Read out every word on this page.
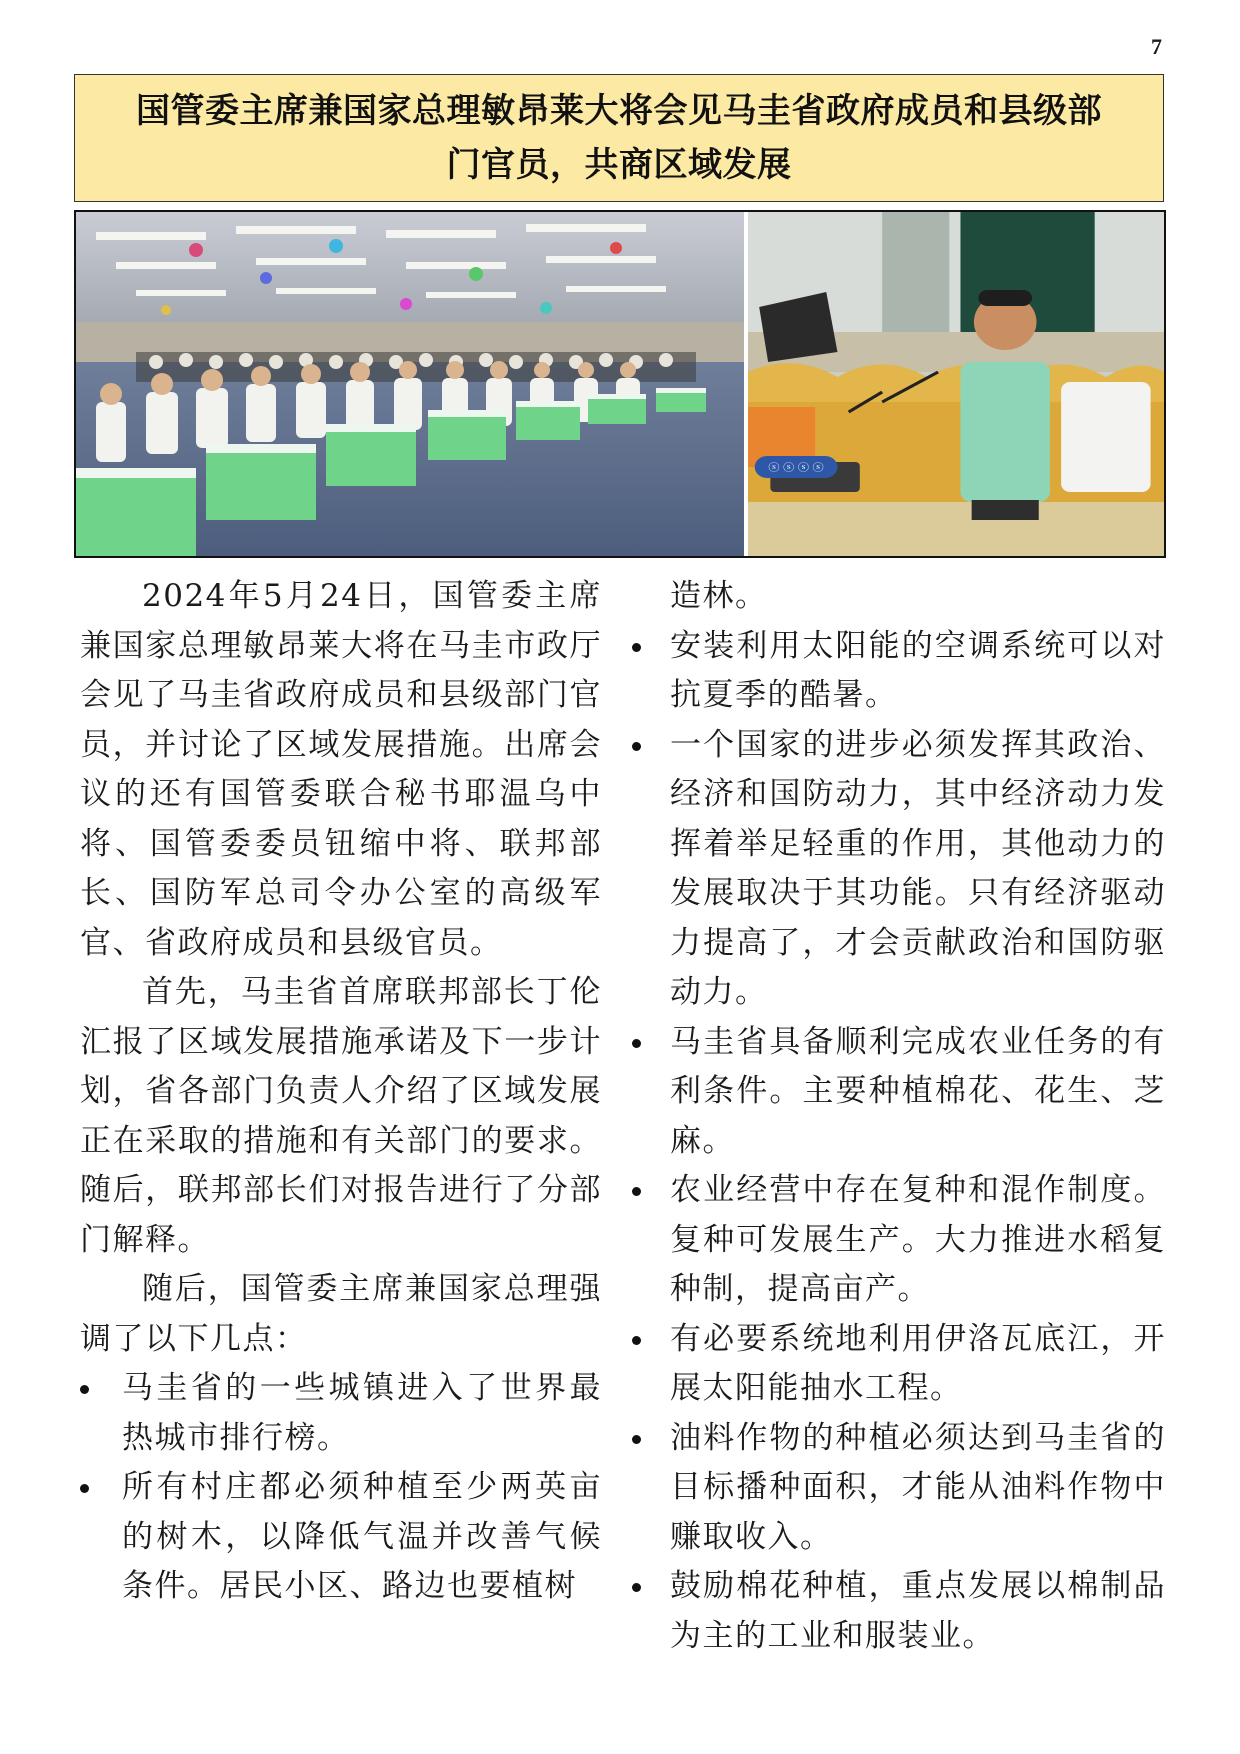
7
国管委主席兼国家总理敏昂莱大将会见马圭省政府成员和县级部
门官员，共商区域发展
ⓢ ⓢ ⓢ ⓢ

2024年5月24日，国管委主席兼国家总理敏昂莱大将在马圭市政厅会见了马圭省政府成员和县级部门官员，并讨论了区域发展措施。出席会议的还有国管委联合秘书耶温乌中将、国管委委员钮缩中将、联邦部长、国防军总司令办公室的高级军官、省政府成员和县级官员。

首先，马圭省首席联邦部长丁伦汇报了区域发展措施承诺及下一步计划，省各部门负责人介绍了区域发展正在采取的措施和有关部门的要求。随后，联邦部长们对报告进行了分部门解释。

随后，国管委主席兼国家总理强调了以下几点：

马圭省的一些城镇进入了世界最热城市排行榜。
所有村庄都必须种植至少两英亩的树木，以降低气温并改善气候条件。居民小区、路边也要植树

造林。

安装利用太阳能的空调系统可以对抗夏季的酷暑。
一个国家的进步必须发挥其政治、经济和国防动力，其中经济动力发挥着举足轻重的作用，其他动力的发展取决于其功能。只有经济驱动力提高了，才会贡献政治和国防驱动力。
马圭省具备顺利完成农业任务的有利条件。主要种植棉花、花生、芝麻。
农业经营中存在复种和混作制度。复种可发展生产。大力推进水稻复种制，提高亩产。
有必要系统地利用伊洛瓦底江，开展太阳能抽水工程。
油料作物的种植必须达到马圭省的目标播种面积，才能从油料作物中赚取收入。
鼓励棉花种植，重点发展以棉制品为主的工业和服装业。
